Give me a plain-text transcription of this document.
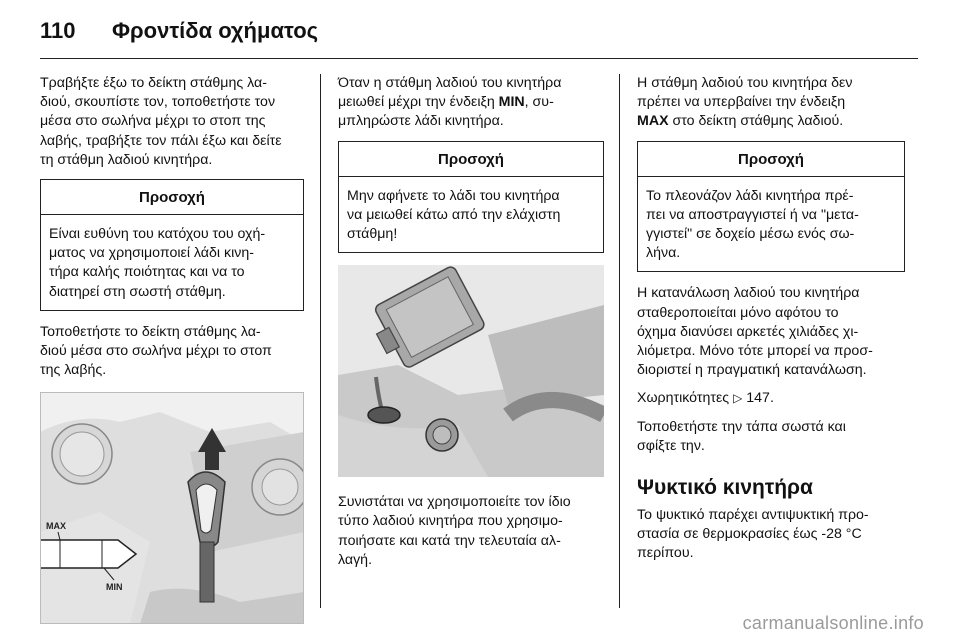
110	Φροντίδα οχήματος

Τραβήξτε έξω το δείκτη στάθμης λα-
διού, σκουπίστε τον, τοποθετήστε τον
μέσα στο σωλήνα μέχρι το στοπ της
λαβής, τραβήξτε τον πάλι έξω και δείτε
τη στάθμη λαδιού κινητήρα.

Προσοχή
Είναι ευθύνη του κατόχου του οχή-
ματος να χρησιμοποιεί λάδι κινη-
τήρα καλής ποιότητας και να το
διατηρεί στη σωστή στάθμη.

Τοποθετήστε το δείκτη στάθμης λα-
διού μέσα στο σωλήνα μέχρι το στοπ
της λαβής.

MAX
MIN

Όταν η στάθμη λαδιού του κινητήρα
μειωθεί μέχρι την ένδειξη MIN, συ-
μπληρώστε λάδι κινητήρα.

Προσοχή
Μην αφήνετε το λάδι του κινητήρα
να μειωθεί κάτω από την ελάχιστη
στάθμη!

Συνιστάται να χρησιμοποιείτε τον ίδιο
τύπο λαδιού κινητήρα που χρησιμο-
ποιήσατε και κατά την τελευταία αλ-
λαγή.

Η στάθμη λαδιού του κινητήρα δεν
πρέπει να υπερβαίνει την ένδειξη
MAX στο δείκτη στάθμης λαδιού.

Προσοχή
Το πλεονάζον λάδι κινητήρα πρέ-
πει να αποστραγγιστεί ή να "μετα-
γγιστεί" σε δοχείο μέσω ενός σω-
λήνα.

Η κατανάλωση λαδιού του κινητήρα
σταθεροποιείται μόνο αφότου το
όχημα διανύσει αρκετές χιλιάδες χι-
λιόμετρα. Μόνο τότε μπορεί να προσ-
διοριστεί η πραγματική κατανάλωση.

Χωρητικότητες ▷ 147.

Τοποθετήστε την τάπα σωστά και
σφίξτε την.

Ψυκτικό κινητήρα

Το ψυκτικό παρέχει αντιψυκτική προ-
στασία σε θερμοκρασίες έως -28 °C
περίπου.

carmanualsonline.info
